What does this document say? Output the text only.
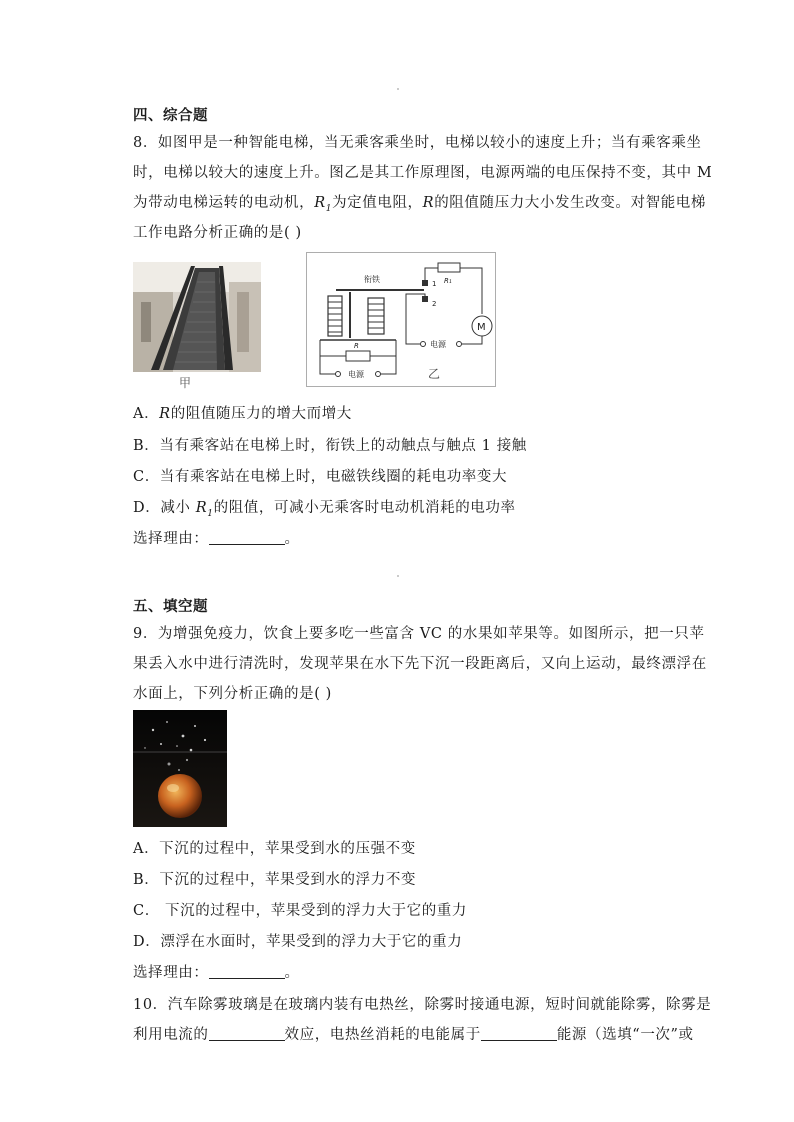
四、综合题
8．如图甲是一种智能电梯，当无乘客乘坐时，电梯以较小的速度上升；当有乘客乘坐
时，电梯以较大的速度上升。图乙是其工作原理图，电源两端的电压保持不变，其中 M
为带动电梯运转的电动机，$R_1$为定值电阻，R的阻值随压力大小发生改变。对智能电梯
工作电路分析正确的是( )
甲
衔铁	1
2
R₁
M
电源
R
电源	乙
A．R的阻值随压力的增大而增大
B．当有乘客站在电梯上时，衔铁上的动触点与触点 1 接触
C．当有乘客站在电梯上时，电磁铁线圈的耗电功率变大
D．减小 $R_1$的阻值，可减小无乘客时电动机消耗的电功率
选择理由：	。
五、填空题
9．为增强免疫力，饮食上要多吃一些富含 VC 的水果如苹果等。如图所示，把一只苹
果丢入水中进行清洗时，发现苹果在水下先下沉一段距离后，又向上运动，最终漂浮在
水面上，下列分析正确的是( )
A．下沉的过程中，苹果受到水的压强不变
B．下沉的过程中，苹果受到水的浮力不变
C． 下沉的过程中，苹果受到的浮力大于它的重力
D．漂浮在水面时，苹果受到的浮力大于它的重力
选择理由：	。
10．汽车除雾玻璃是在玻璃内装有电热丝，除雾时接通电源，短时间就能除雾，除雾是
利用电流的	效应，电热丝消耗的电能属于	能源（选填“一次”或
